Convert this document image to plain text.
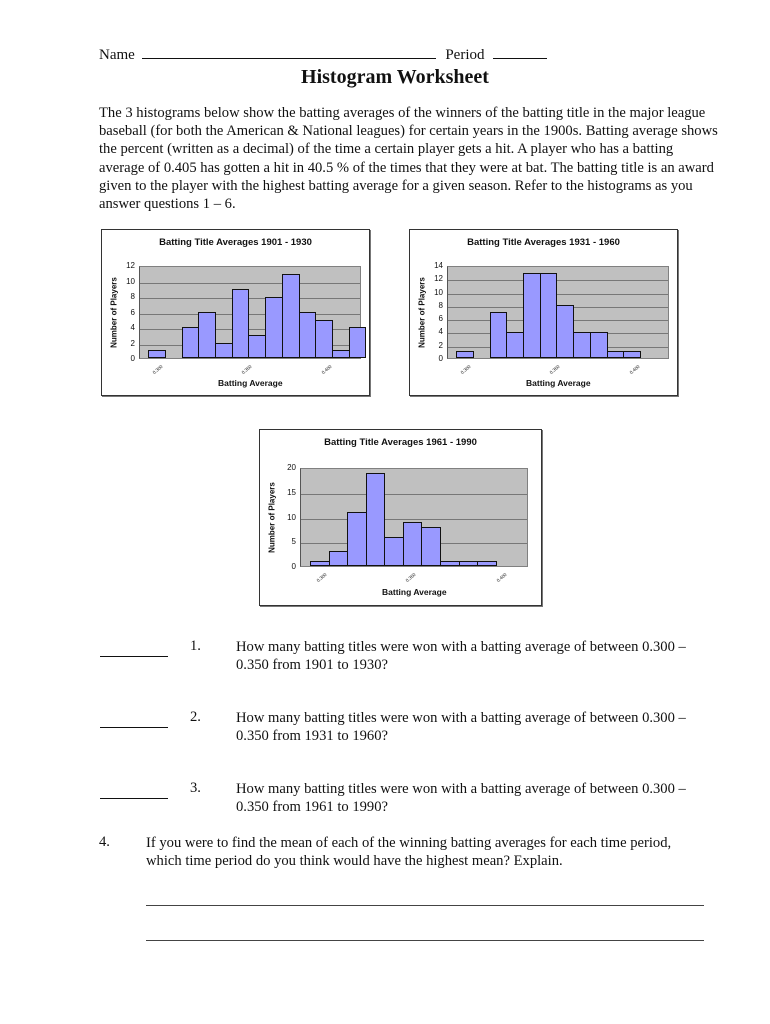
Name	Period
Histogram Worksheet
The 3 histograms below show the batting averages of the winners of the batting title in the major league baseball (for both the American & National leagues) for certain years in the 1900s. Batting average shows the percent (written as a decimal) of the time a certain player gets a hit. A player who has a batting average of 0.405 has gotten a hit in 40.5 % of the times that they were at bat. The batting title is an award given to the player with the highest batting average for a given season. Refer to the histograms as you answer questions 1 – 6.
Batting Title Averages 1901 - 1930
Number of Players
0
2
4
6
8
10
12
0.300	0.350	0.400
Batting Average
Batting Title Averages 1931 - 1960
Number of Players
0
2
4
6
8
10
12
14
0.300	0.350	0.400
Batting Average
Batting Title Averages 1961 - 1990
Number of Players
0
5
10
15
20
0.300	0.350	0.400
Batting Average
1. How many batting titles were won with a batting average of between 0.300 – 0.350 from 1901 to 1930?
2. How many batting titles were won with a batting average of between 0.300 – 0.350 from 1931 to 1960?
3. How many batting titles were won with a batting average of between 0.300 – 0.350 from 1961 to 1990?
4. If you were to find the mean of each of the winning batting averages for each time period, which time period do you think would have the highest mean? Explain.
